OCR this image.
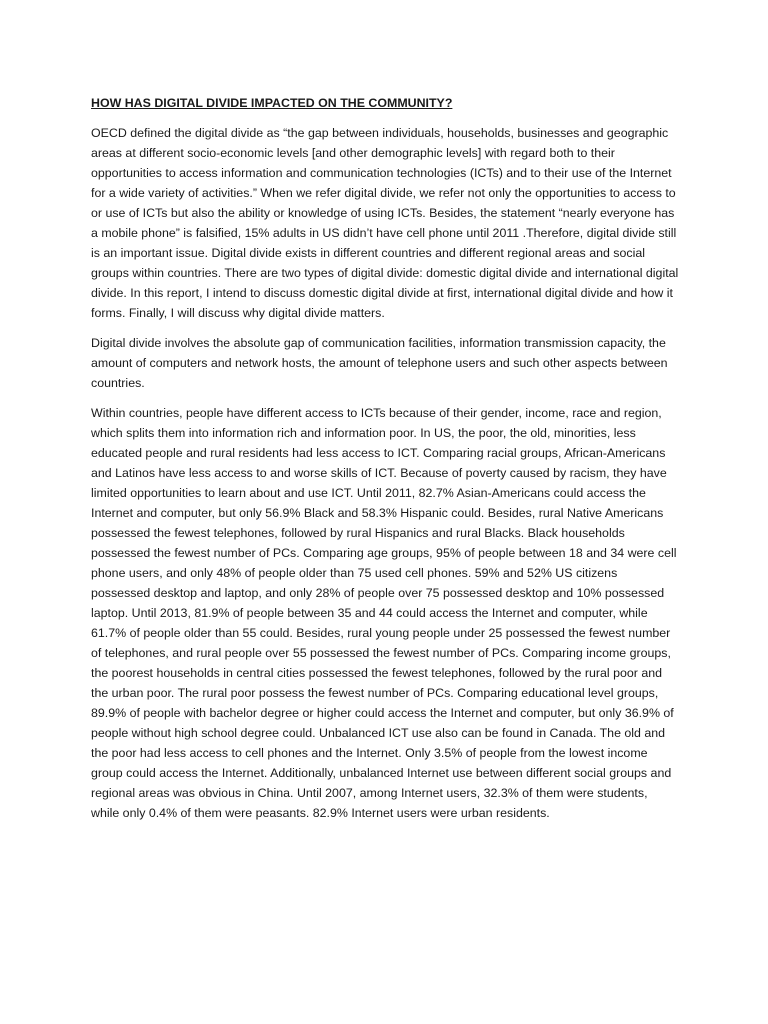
HOW HAS DIGITAL DIVIDE IMPACTED ON THE COMMUNITY?

OECD defined the digital divide as “the gap between individuals, households, businesses and geographic areas at different socio-economic levels [and other demographic levels] with regard both to their opportunities to access information and communication technologies (ICTs) and to their use of the Internet for a wide variety of activities.” When we refer digital divide, we refer not only the opportunities to access to or use of ICTs but also the ability or knowledge of using ICTs. Besides, the statement “nearly everyone has a mobile phone” is falsified, 15% adults in US didn’t have cell phone until 2011 .Therefore, digital divide still is an important issue. Digital divide exists in different countries and different regional areas and social groups within countries. There are two types of digital divide: domestic digital divide and international digital divide. In this report, I intend to discuss domestic digital divide at first, international digital divide and how it forms. Finally, I will discuss why digital divide matters.

Digital divide involves the absolute gap of communication facilities, information transmission capacity, the amount of computers and network hosts, the amount of telephone users and such other aspects between countries.

Within countries, people have different access to ICTs because of their gender, income, race and region, which splits them into information rich and information poor. In US, the poor, the old, minorities, less educated people and rural residents had less access to ICT. Comparing racial groups, African-Americans and Latinos have less access to and worse skills of ICT. Because of poverty caused by racism, they have limited opportunities to learn about and use ICT. Until 2011, 82.7% Asian-Americans could access the Internet and computer, but only 56.9% Black and 58.3% Hispanic could. Besides, rural Native Americans possessed the fewest telephones, followed by rural Hispanics and rural Blacks. Black households possessed the fewest number of PCs. Comparing age groups, 95% of people between 18 and 34 were cell phone users, and only 48% of people older than 75 used cell phones. 59% and 52% US citizens possessed desktop and laptop, and only 28% of people over 75 possessed desktop and 10% possessed laptop. Until 2013, 81.9% of people between 35 and 44 could access the Internet and computer, while 61.7% of people older than 55 could. Besides, rural young people under 25 possessed the fewest number of telephones, and rural people over 55 possessed the fewest number of PCs. Comparing income groups, the poorest households in central cities possessed the fewest telephones, followed by the rural poor and the urban poor. The rural poor possess the fewest number of PCs. Comparing educational level groups, 89.9% of people with bachelor degree or higher could access the Internet and computer, but only 36.9% of people without high school degree could. Unbalanced ICT use also can be found in Canada. The old and the poor had less access to cell phones and the Internet. Only 3.5% of people from the lowest income group could access the Internet. Additionally, unbalanced Internet use between different social groups and regional areas was obvious in China. Until 2007, among Internet users, 32.3% of them were students, while only 0.4% of them were peasants. 82.9% Internet users were urban residents.
